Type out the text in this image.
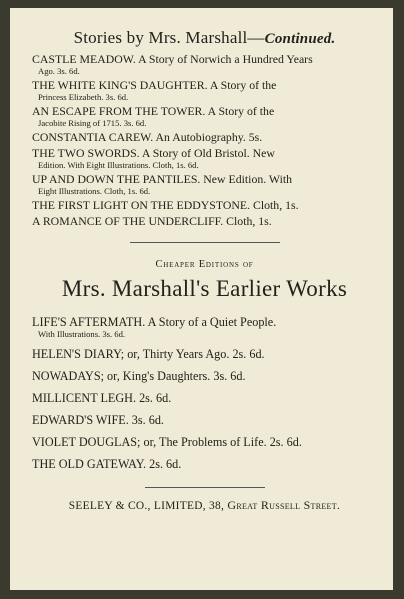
Stories by Mrs. Marshall—Continued.
CASTLE MEADOW. A Story of Norwich a Hundred Years
Ago. 3s. 6d.
THE WHITE KING'S DAUGHTER. A Story of the
Princess Elizabeth. 3s. 6d.
AN ESCAPE FROM THE TOWER. A Story of the
Jacobite Rising of 1715. 3s. 6d.
CONSTANTIA CAREW. An Autobiography. 5s.
THE TWO SWORDS. A Story of Old Bristol. New
Edition. With Eight Illustrations. Cloth, 1s. 6d.
UP AND DOWN THE PANTILES. New Edition. With
Eight Illustrations. Cloth, 1s. 6d.
THE FIRST LIGHT ON THE EDDYSTONE. Cloth, 1s.
A ROMANCE OF THE UNDERCLIFF. Cloth, 1s.
Cheaper Editions of
Mrs. Marshall's Earlier Works
LIFE'S AFTERMATH. A Story of a Quiet People.
With Illustrations. 3s. 6d.
HELEN'S DIARY; or, Thirty Years Ago. 2s. 6d.
NOWADAYS; or, King's Daughters. 3s. 6d.
MILLICENT LEGH. 2s. 6d.
EDWARD'S WIFE. 3s. 6d.
VIOLET DOUGLAS; or, The Problems of Life. 2s. 6d.
THE OLD GATEWAY. 2s. 6d.
SEELEY & CO., LIMITED, 38, Great Russell Street.
